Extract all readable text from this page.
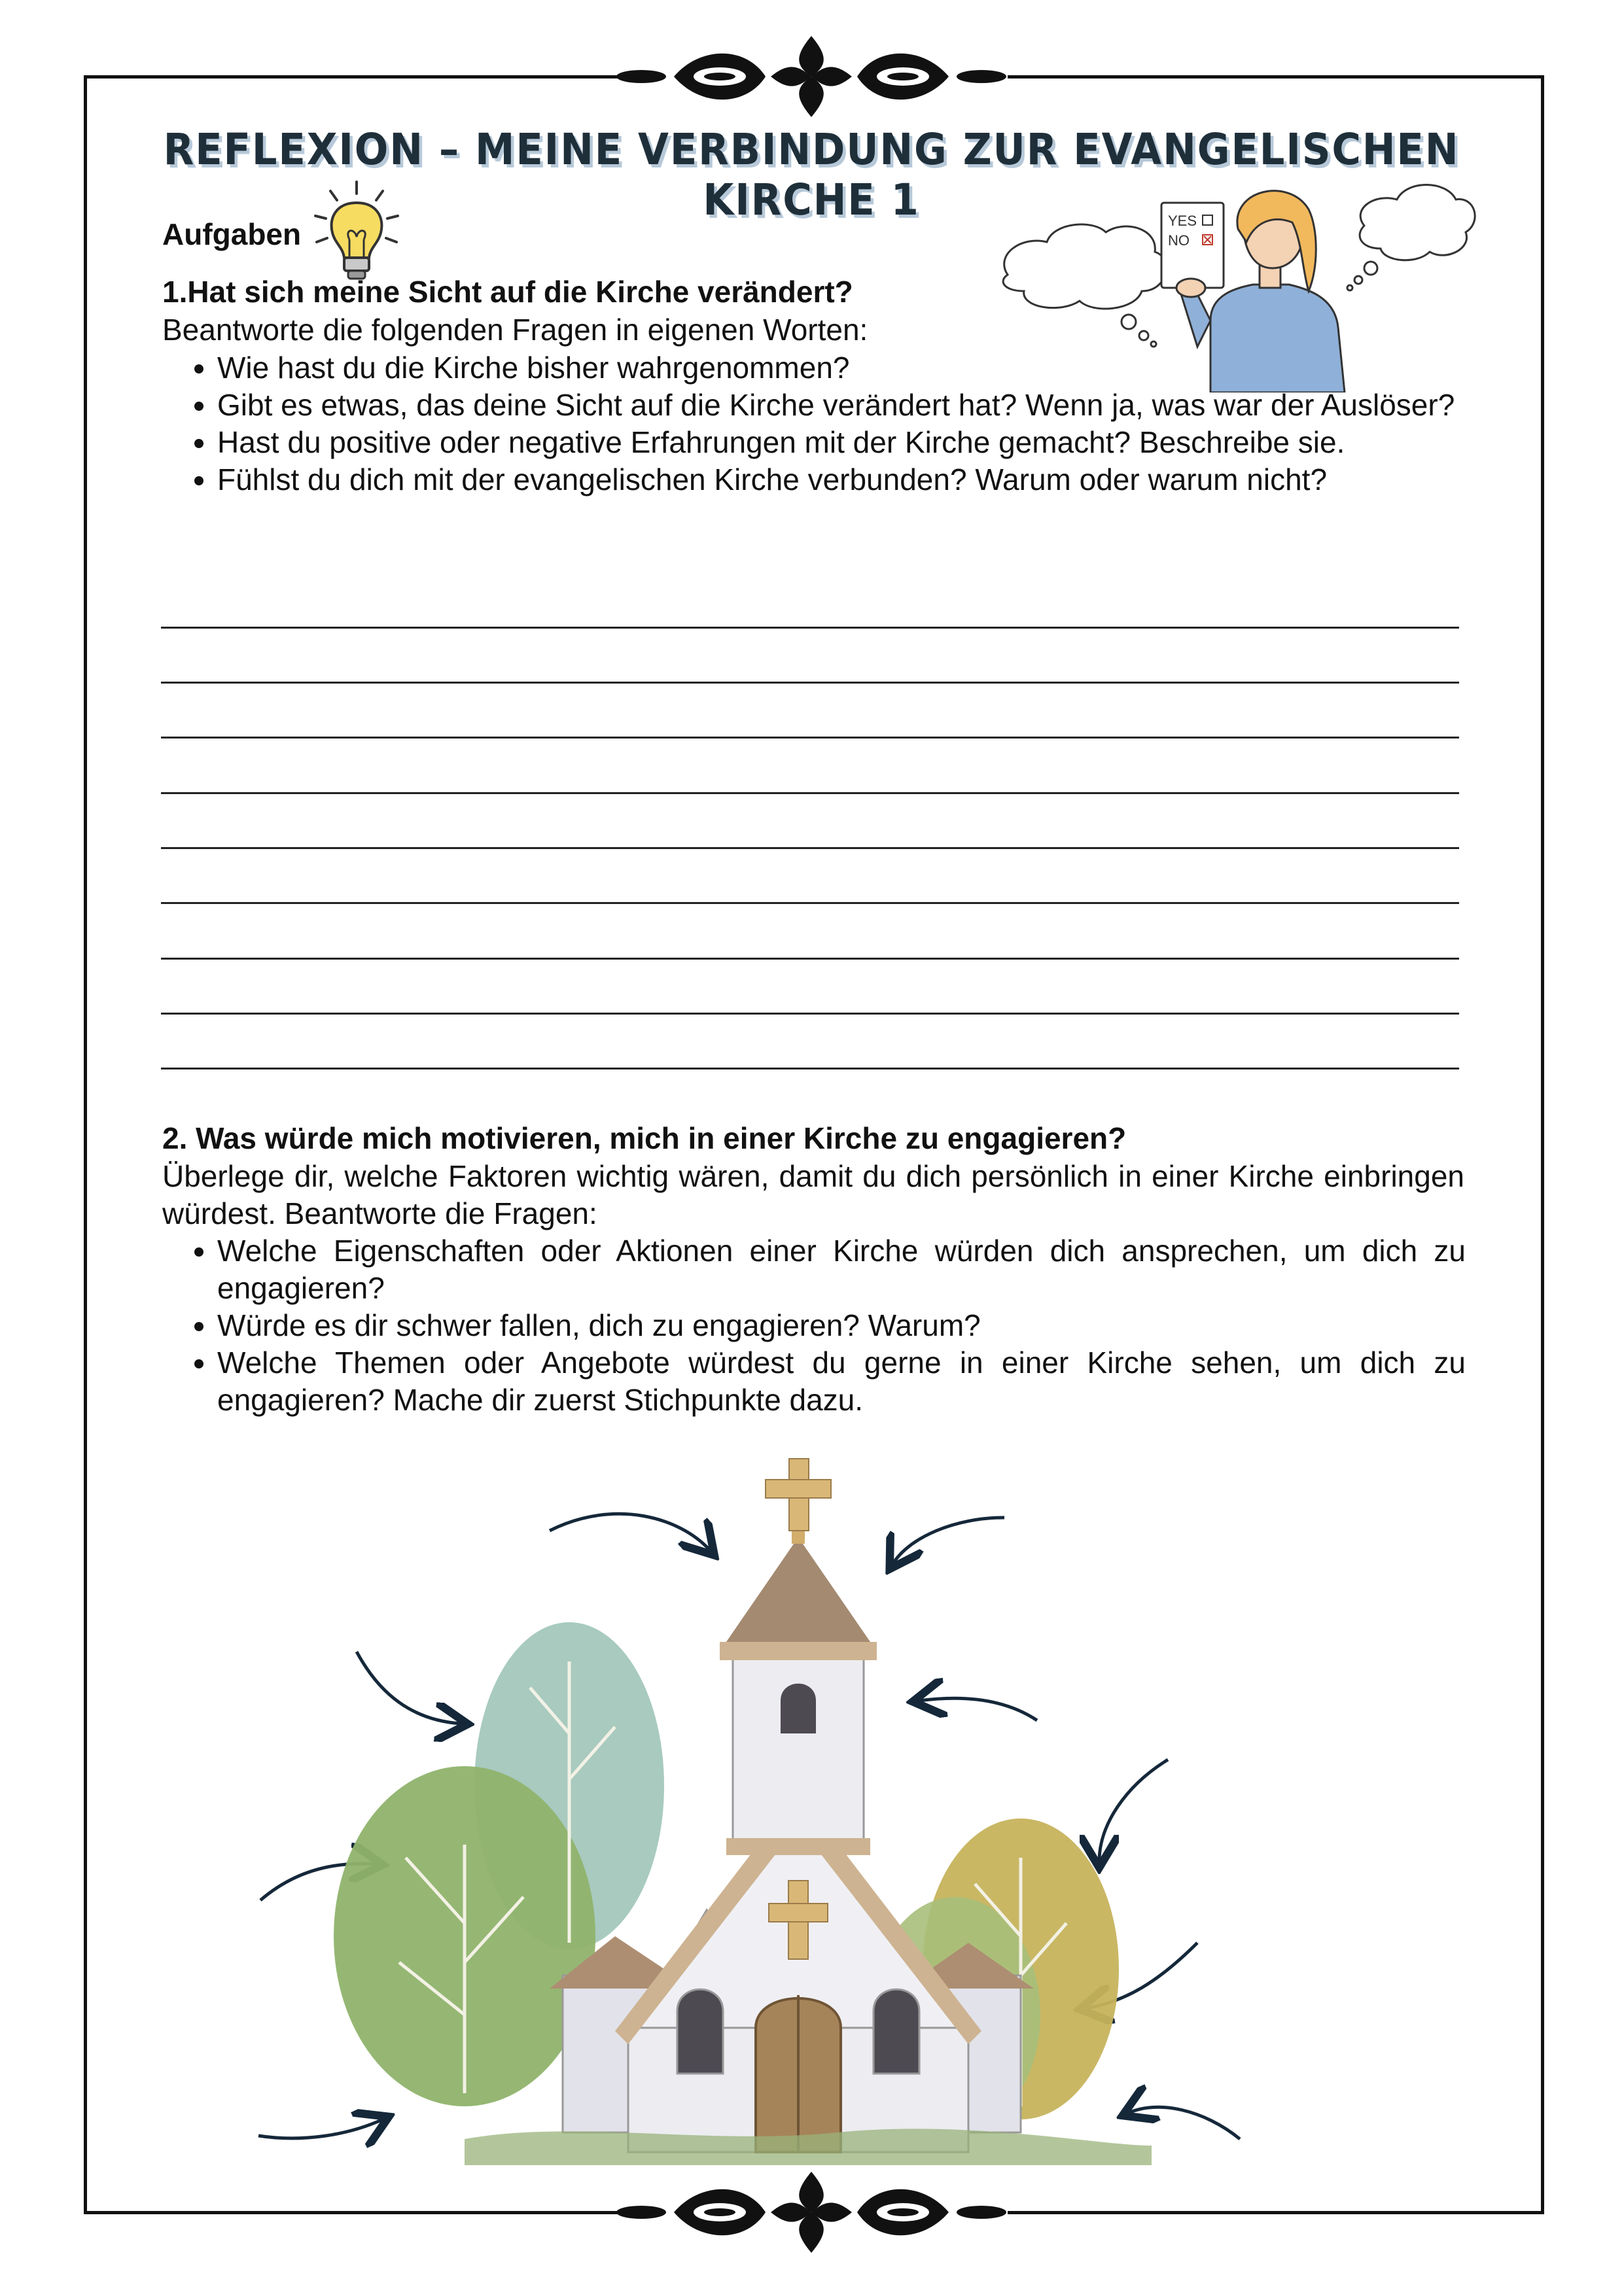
REFLEXION – MEINE VERBINDUNG ZUR EVANGELISCHEN KIRCHE 1
Aufgaben	YES
NO
1.Hat sich meine Sicht auf die Kirche verändert?
Beantworte die folgenden Fragen in eigenen Worten:
• Wie hast du die Kirche bisher wahrgenommen?
• Gibt es etwas, das deine Sicht auf die Kirche verändert hat? Wenn ja, was war der Auslöser?
• Hast du positive oder negative Erfahrungen mit der Kirche gemacht? Beschreibe sie.
• Fühlst du dich mit der evangelischen Kirche verbunden? Warum oder warum nicht?
2. Was würde mich motivieren, mich in einer Kirche zu engagieren?
Überlege dir, welche Faktoren wichtig wären, damit du dich persönlich in einer Kirche einbringen würdest. Beantworte die Fragen:
• Welche Eigenschaften oder Aktionen einer Kirche würden dich ansprechen, um dich zu engagieren?
• Würde es dir schwer fallen, dich zu engagieren? Warum?
• Welche Themen oder Angebote würdest du gerne in einer Kirche sehen, um dich zu engagieren? Mache dir zuerst Stichpunkte dazu.
